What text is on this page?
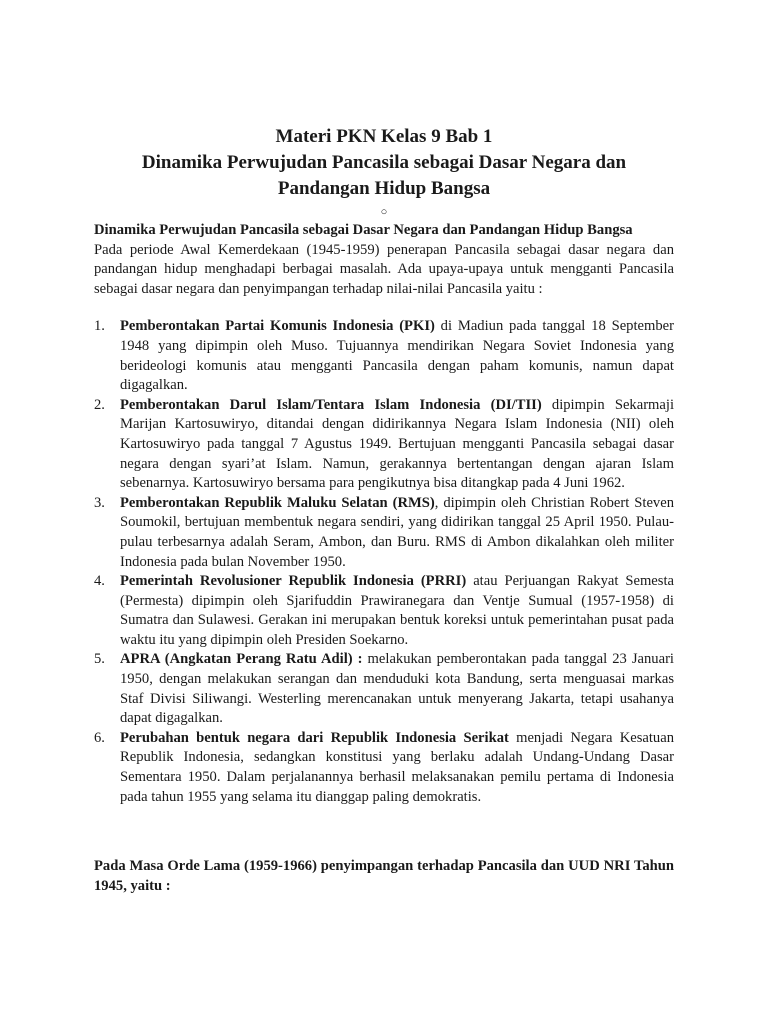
Materi PKN Kelas 9 Bab 1
Dinamika Perwujudan Pancasila sebagai Dasar Negara dan
Pandangan Hidup Bangsa
○
Dinamika Perwujudan Pancasila sebagai Dasar Negara dan Pandangan Hidup Bangsa
Pada periode Awal Kemerdekaan (1945-1959) penerapan Pancasila sebagai dasar negara dan pandangan hidup menghadapi berbagai masalah. Ada upaya-upaya untuk mengganti Pancasila sebagai dasar negara dan penyimpangan terhadap nilai-nilai Pancasila yaitu :
1.	Pemberontakan Partai Komunis Indonesia (PKI) di Madiun pada tanggal 18 September 1948 yang dipimpin oleh Muso. Tujuannya mendirikan Negara Soviet Indonesia yang berideologi komunis atau mengganti Pancasila dengan paham komunis, namun dapat digagalkan.
2.	Pemberontakan Darul Islam/Tentara Islam Indonesia (DI/TII) dipimpin Sekarmaji Marijan Kartosuwiryo, ditandai dengan didirikannya Negara Islam Indonesia (NII) oleh Kartosuwiryo pada tanggal 7 Agustus 1949. Bertujuan mengganti Pancasila sebagai dasar negara dengan syari’at Islam. Namun, gerakannya bertentangan dengan ajaran Islam sebenarnya. Kartosuwiryo bersama para pengikutnya bisa ditangkap pada 4 Juni 1962.
3.	Pemberontakan Republik Maluku Selatan (RMS), dipimpin oleh Christian Robert Steven Soumokil, bertujuan membentuk negara sendiri, yang didirikan tanggal 25 April 1950. Pulau-pulau terbesarnya adalah Seram, Ambon, dan Buru. RMS di Ambon dikalahkan oleh militer Indonesia pada bulan November 1950.
4.	Pemerintah Revolusioner Republik Indonesia (PRRI) atau Perjuangan Rakyat Semesta (Permesta) dipimpin oleh Sjarifuddin Prawiranegara dan Ventje Sumual (1957-1958) di Sumatra dan Sulawesi. Gerakan ini merupakan bentuk koreksi untuk pemerintahan pusat pada waktu itu yang dipimpin oleh Presiden Soekarno.
5.	APRA (Angkatan Perang Ratu Adil) : melakukan pemberontakan pada tanggal 23 Januari 1950, dengan melakukan serangan dan menduduki kota Bandung, serta menguasai markas Staf Divisi Siliwangi. Westerling merencanakan untuk menyerang Jakarta, tetapi usahanya dapat digagalkan.
6.	Perubahan bentuk negara dari Republik Indonesia Serikat menjadi Negara Kesatuan Republik Indonesia, sedangkan konstitusi yang berlaku adalah Undang-Undang Dasar Sementara 1950. Dalam perjalanannya berhasil melaksanakan pemilu pertama di Indonesia pada tahun 1955 yang selama itu dianggap paling demokratis.
Pada Masa Orde Lama (1959-1966) penyimpangan terhadap Pancasila dan UUD NRI Tahun 1945, yaitu :
